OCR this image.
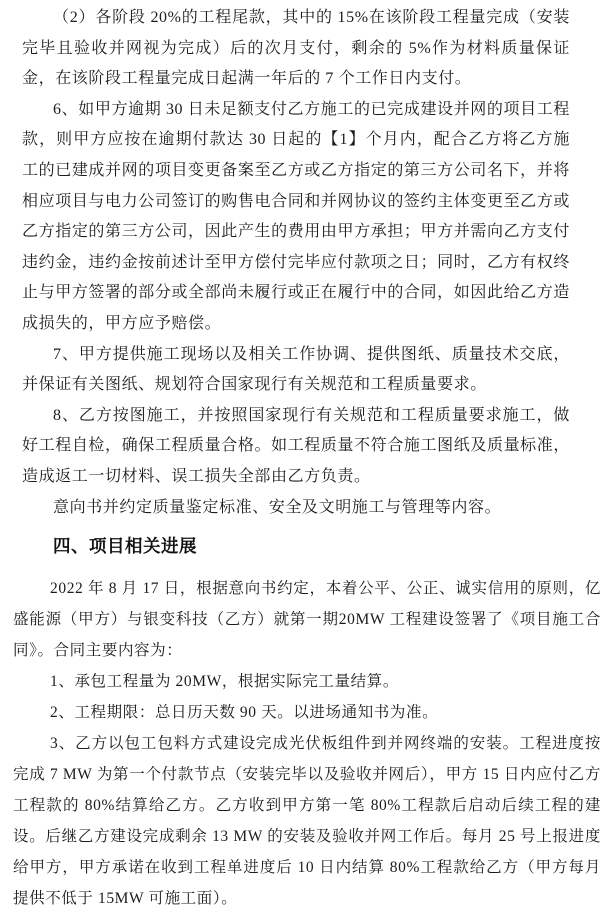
（2）各阶段 20%的工程尾款，其中的 15%在该阶段工程量完成（安装完毕且验收并网视为完成）后的次月支付，剩余的 5%作为材料质量保证金，在该阶段工程量完成日起满一年后的 7 个工作日内支付。

6、如甲方逾期 30 日未足额支付乙方施工的已完成建设并网的项目工程款，则甲方应按在逾期付款达 30 日起的【1】个月内，配合乙方将乙方施工的已建成并网的项目变更备案至乙方或乙方指定的第三方公司名下，并将相应项目与电力公司签订的购售电合同和并网协议的签约主体变更至乙方或乙方指定的第三方公司，因此产生的费用由甲方承担；甲方并需向乙方支付违约金，违约金按前述计至甲方偿付完毕应付款项之日；同时，乙方有权终止与甲方签署的部分或全部尚未履行或正在履行中的合同，如因此给乙方造成损失的，甲方应予赔偿。

7、甲方提供施工现场以及相关工作协调、提供图纸、质量技术交底，并保证有关图纸、规划符合国家现行有关规范和工程质量要求。

8、乙方按图施工，并按照国家现行有关规范和工程质量要求施工，做好工程自检，确保工程质量合格。如工程质量不符合施工图纸及质量标准，造成返工一切材料、误工损失全部由乙方负责。

意向书并约定质量鉴定标准、安全及文明施工与管理等内容。

四、项目相关进展

2022 年 8 月 17 日，根据意向书约定，本着公平、公正、诚实信用的原则，亿盛能源（甲方）与银变科技（乙方）就第一期20MW 工程建设签署了《项目施工合同》。合同主要内容为：

1、承包工程量为 20MW，根据实际完工量结算。

2、工程期限：总日历天数 90 天。以进场通知书为准。

3、乙方以包工包料方式建设完成光伏板组件到并网终端的安装。工程进度按完成 7 MW 为第一个付款节点（安装完毕以及验收并网后），甲方 15 日内应付乙方工程款的 80%结算给乙方。乙方收到甲方第一笔 80%工程款后启动后续工程的建设。后继乙方建设完成剩余 13 MW 的安装及验收并网工作后。每月 25 号上报进度给甲方，甲方承诺在收到工程单进度后 10 日内结算 80%工程款给乙方（甲方每月提供不低于 15MW 可施工面）。
